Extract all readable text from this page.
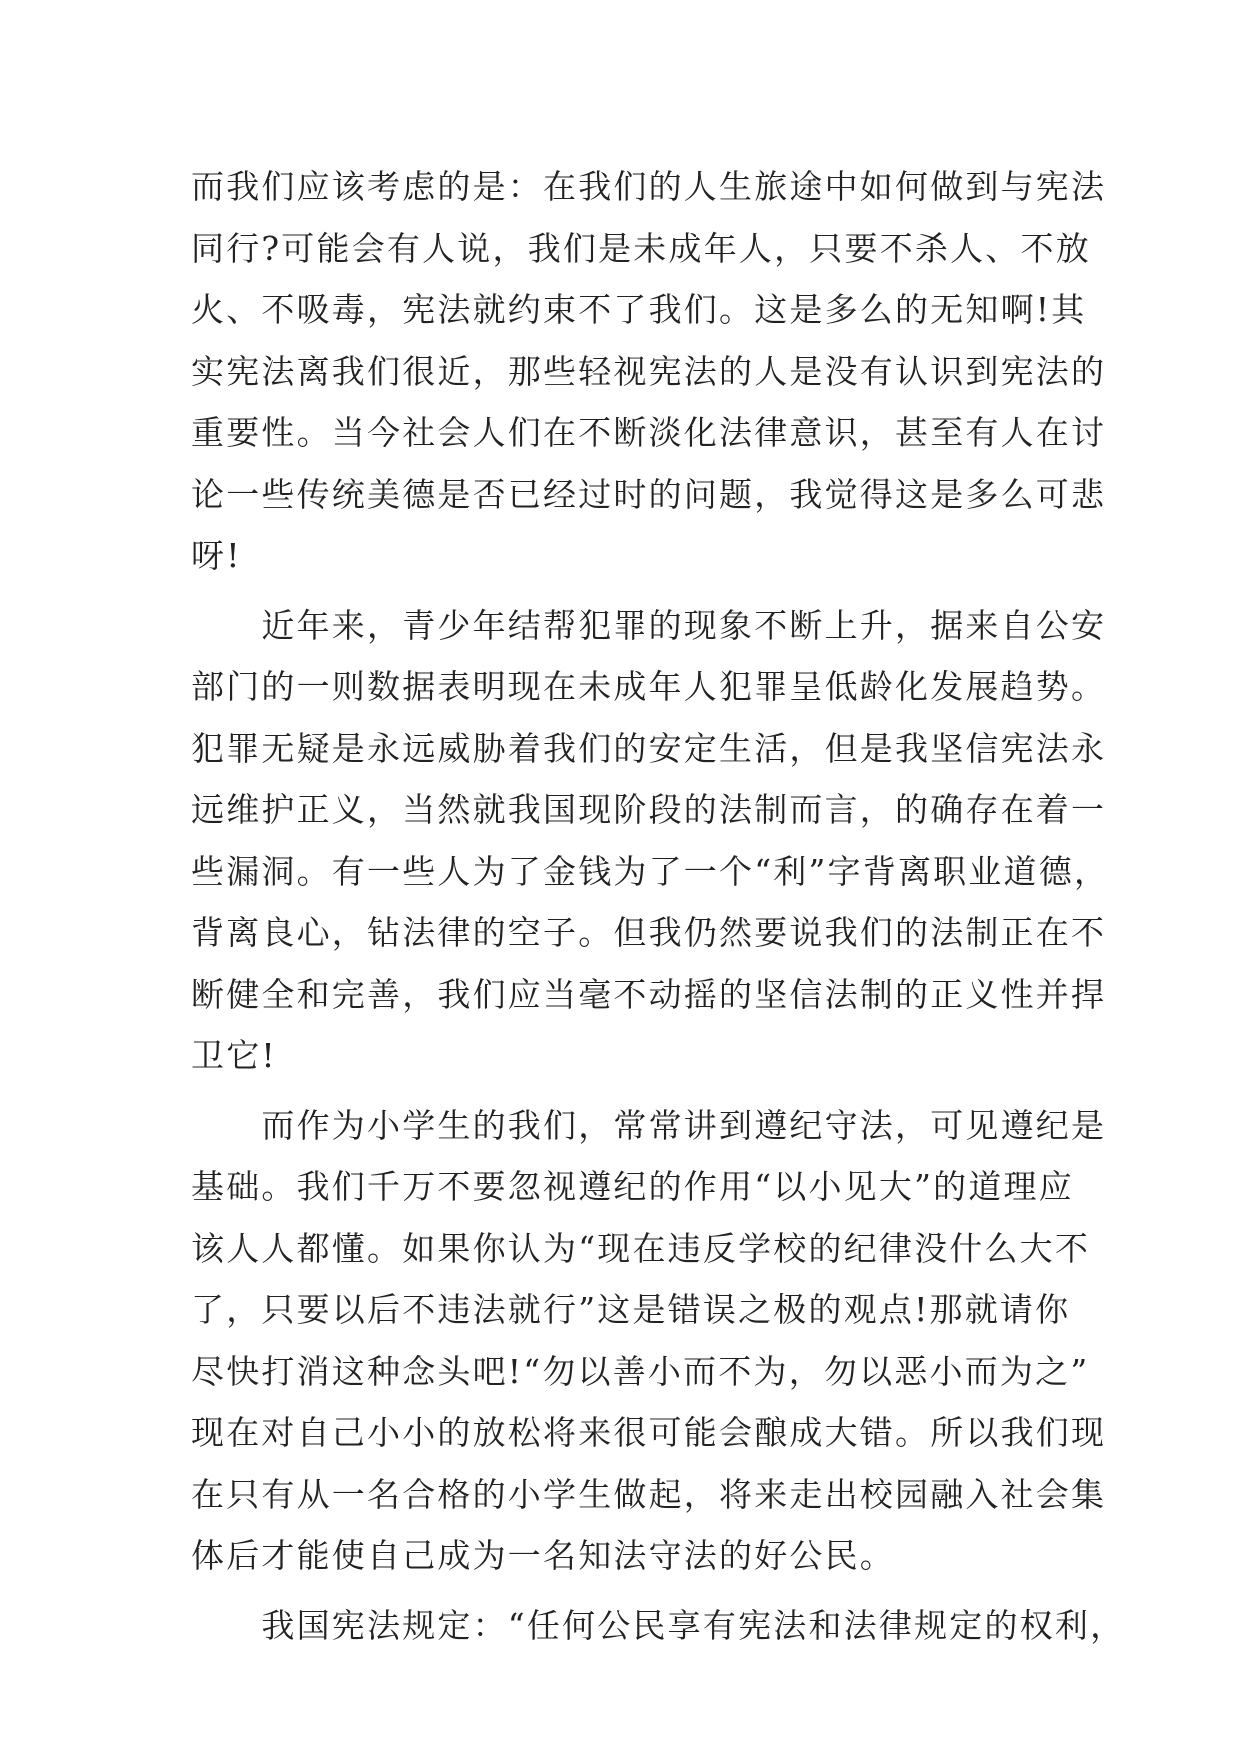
而我们应该考虑的是：在我们的人生旅途中如何做到与宪法
同行?可能会有人说，我们是未成年人，只要不杀人、不放
火、不吸毒，宪法就约束不了我们。这是多么的无知啊!其
实宪法离我们很近，那些轻视宪法的人是没有认识到宪法的
重要性。当今社会人们在不断淡化法律意识，甚至有人在讨
论一些传统美德是否已经过时的问题，我觉得这是多么可悲
呀!
　　近年来，青少年结帮犯罪的现象不断上升，据来自公安
部门的一则数据表明现在未成年人犯罪呈低龄化发展趋势。
犯罪无疑是永远威胁着我们的安定生活，但是我坚信宪法永
远维护正义，当然就我国现阶段的法制而言，的确存在着一
些漏洞。有一些人为了金钱为了一个“利”字背离职业道德，
背离良心，钻法律的空子。但我仍然要说我们的法制正在不
断健全和完善，我们应当毫不动摇的坚信法制的正义性并捍
卫它!
　　而作为小学生的我们，常常讲到遵纪守法，可见遵纪是
基础。我们千万不要忽视遵纪的作用“以小见大”的道理应
该人人都懂。如果你认为“现在违反学校的纪律没什么大不
了，只要以后不违法就行”这是错误之极的观点!那就请你
尽快打消这种念头吧!“勿以善小而不为，勿以恶小而为之”
现在对自己小小的放松将来很可能会酿成大错。所以我们现
在只有从一名合格的小学生做起，将来走出校园融入社会集
体后才能使自己成为一名知法守法的好公民。
　　我国宪法规定：“任何公民享有宪法和法律规定的权利，
